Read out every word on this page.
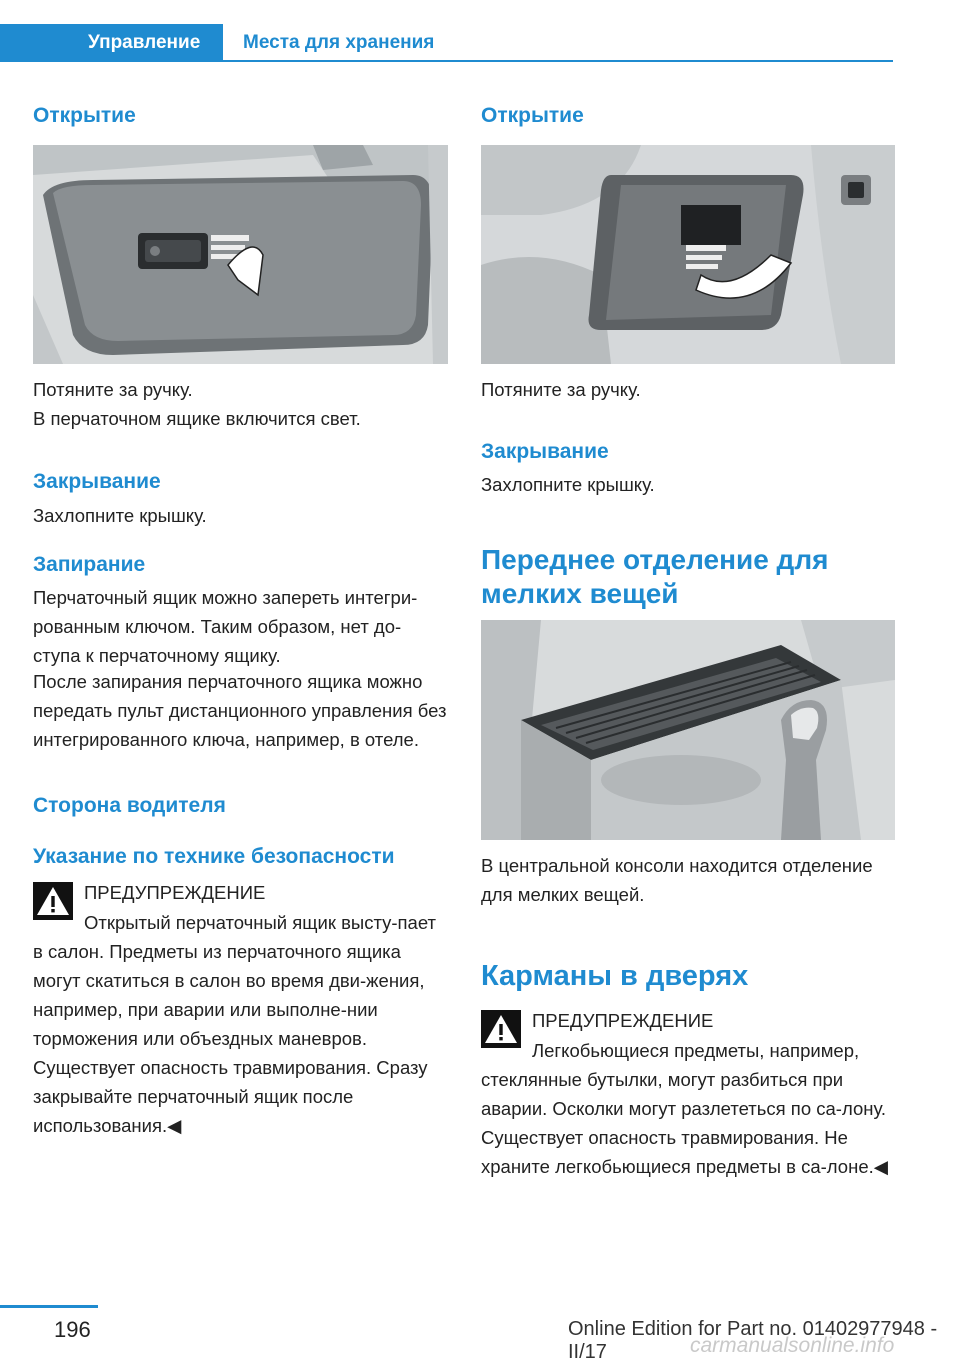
Управление	Места для хранения
Открытие
Потяните за ручку.
В перчаточном ящике включится свет.
Закрывание
Захлопните крышку.
Запирание
Перчаточный ящик можно запереть интегри-рованным ключом. Таким образом, нет до-ступа к перчаточному ящику.
После запирания перчаточного ящика можно передать пульт дистанционного управления без интегрированного ключа, например, в отеле.
Сторона водителя
Указание по технике безопасности
ПРЕДУПРЕЖДЕНИЕ
Открытый перчаточный ящик высту-пает в салон. Предметы из перчаточного ящика могут скатиться в салон во время дви-жения, например, при аварии или выполне-нии торможения или объездных маневров. Существует опасность травмирования. Сразу закрывайте перчаточный ящик после использования.◀
Открытие
Потяните за ручку.
Закрывание
Захлопните крышку.
Переднее отделение для мелких вещей
В центральной консоли находится отделение для мелких вещей.
Карманы в дверях
ПРЕДУПРЕЖДЕНИЕ
Легкобьющиеся предметы, например, стеклянные бутылки, могут разбиться при аварии. Осколки могут разлететься по са-лону. Существует опасность травмирования. Не храните легкобьющиеся предметы в са-лоне.◀
196	Online Edition for Part no. 01402977948 - II/17	carmanualsonline.info
